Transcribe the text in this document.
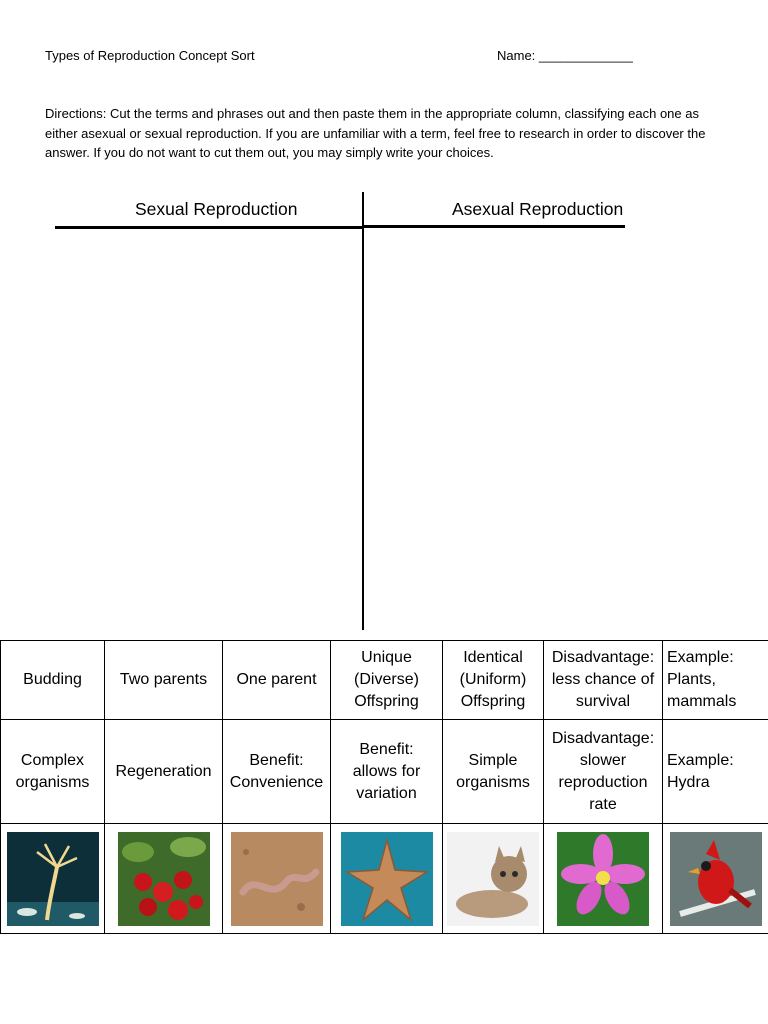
Types of Reproduction Concept Sort	Name: _____________
Directions: Cut the terms and phrases out and then paste them in the appropriate column, classifying each one as either asexual or sexual reproduction. If you are unfamiliar with a term, feel free to research in order to discover the answer. If you do not want to cut them out, you may simply write your choices.
Sexual Reproduction	Asexual Reproduction
Budding	Two parents	One parent	Unique (Diverse) Offspring	Identical (Uniform) Offspring	Disadvantage: less chance of survival	Example: Plants, mammals
Complex organisms	Regeneration	Benefit: Convenience	Benefit: allows for variation	Simple organisms	Disadvantage: slower reproduction rate	Example: Hydra
